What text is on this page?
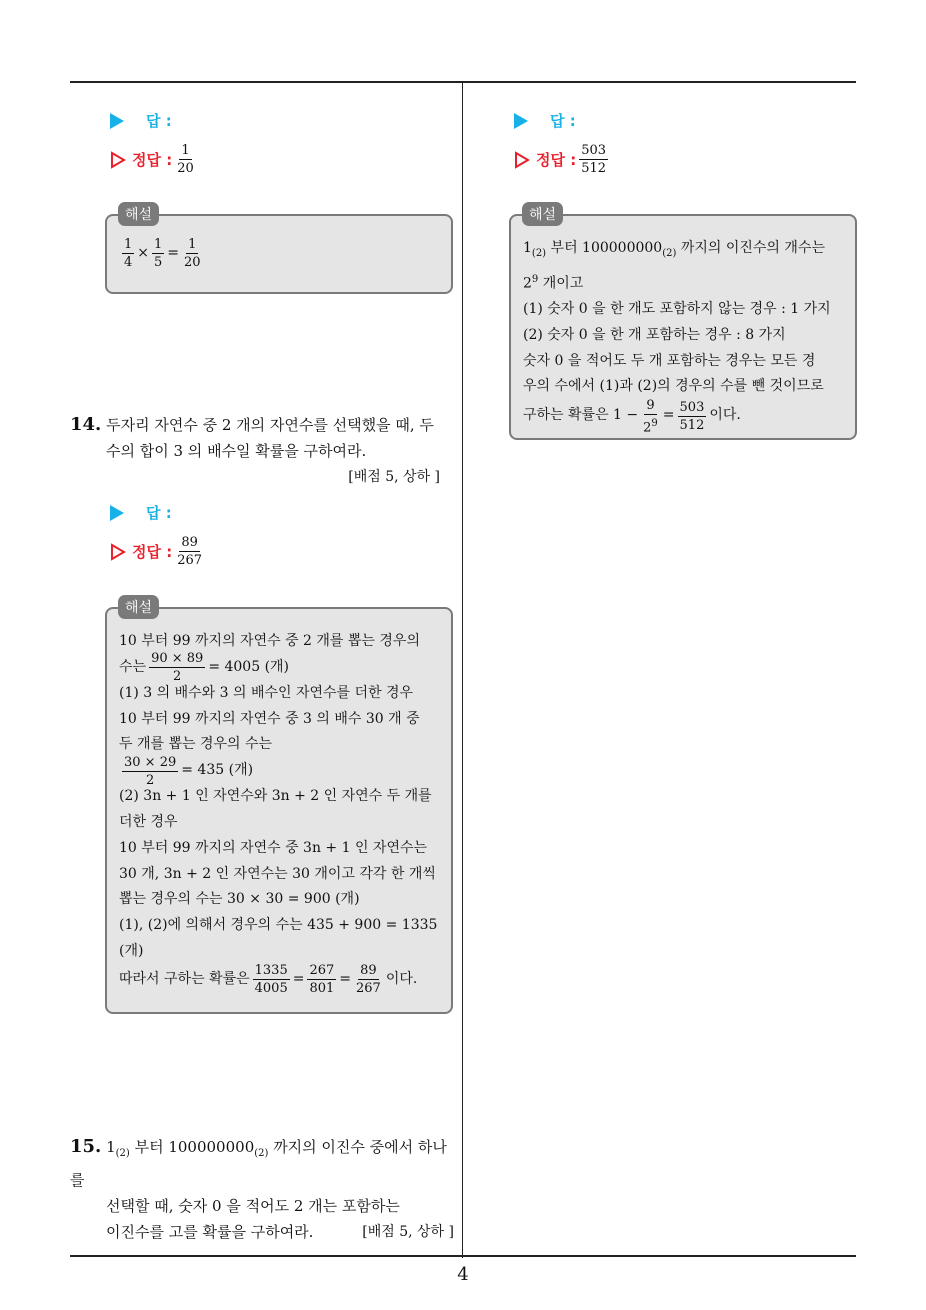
답 :
정답 : $\frac{1}{20}$
$\frac{1}{4} \times \frac{1}{5} = \frac{1}{20}$
해설
14. 두자리 자연수 중 2 개의 자연수를 선택했을 때, 두
수의 합이 3 의 배수일 확률을 구하여라.
[배점 5, 상하 ]
답 :
정답 : $\frac{89}{267}$
10 부터 99 까지의 자연수 중 2 개를 뽑는 경우의
수는 $\frac{90 \times 89}{2} = 4005$ (개)
(1) 3 의 배수와 3 의 배수인 자연수를 더한 경우
10 부터 99 까지의 자연수 중 3 의 배수 30 개 중
두 개를 뽑는 경우의 수는
$\frac{30 \times 29}{2} = 435$ (개)
(2) 3n + 1 인 자연수와 3n + 2 인 자연수 두 개를
더한 경우
10 부터 99 까지의 자연수 중 3n + 1 인 자연수는
30 개, 3n + 2 인 자연수는 30 개이고 각각 한 개씩
뽑는 경우의 수는 30 × 30 = 900 (개)
(1), (2)에 의해서 경우의 수는 435 + 900 = 1335
(개)
따라서 구하는 확률은 $\frac{1335}{4005} = \frac{267}{801} = \frac{89}{267}$ 이다.
해설
15. $1_{(2)}$ 부터 $100000000_{(2)}$ 까지의 이진수 중에서 하나를
선택할 때, 숫자 0 을 적어도 2 개는 포함하는
이진수를 고를 확률을 구하여라.	[배점 5, 상하 ]
답 :
정답 : $\frac{503}{512}$
$1_{(2)}$ 부터 $100000000_{(2)}$ 까지의 이진수의 개수는
$2^9$ 개이고
(1) 숫자 0 을 한 개도 포함하지 않는 경우 : 1 가지
(2) 숫자 0 을 한 개 포함하는 경우 : 8 가지
숫자 0 을 적어도 두 개 포함하는 경우는 모든 경
우의 수에서 (1)과 (2)의 경우의 수를 뺀 것이므로
구하는 확률은 $1 - \frac{9}{2^9} = \frac{503}{512}$ 이다.
해설
4
